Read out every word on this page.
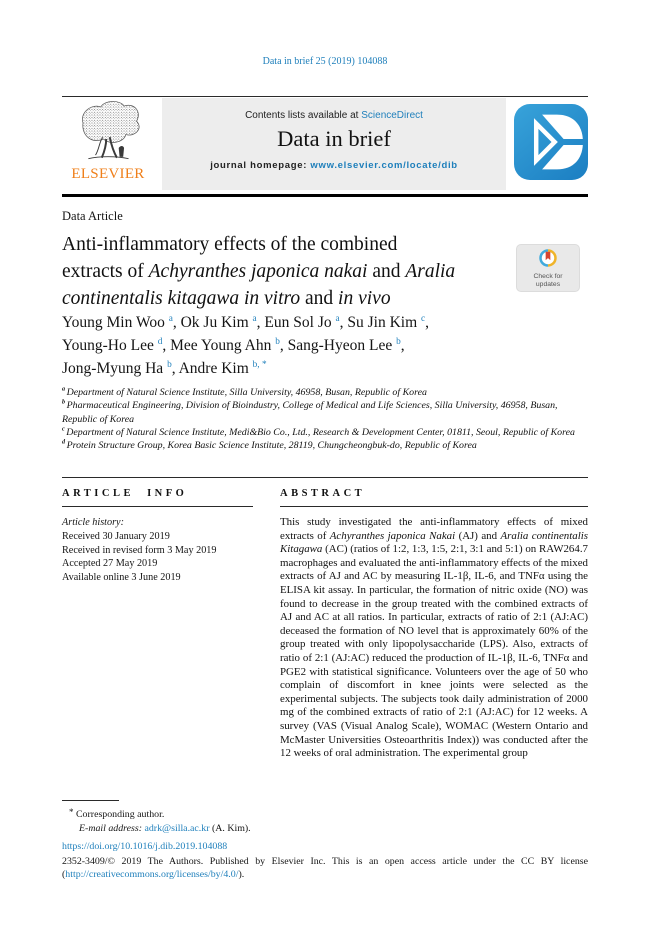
Data in brief 25 (2019) 104088
ELSEVIER
Contents lists available at ScienceDirect
Data in brief
journal homepage: www.elsevier.com/locate/dib
Data Article
Anti-inflammatory effects of the combined
extracts of Achyranthes japonica nakai and Aralia
continentalis kitagawa in vitro and in vivo
Check for
updates
Young Min Woo $^a$, Ok Ju Kim $^a$, Eun Sol Jo $^a$, Su Jin Kim $^c$,
Young-Ho Lee $^d$, Mee Young Ahn $^b$, Sang-Hyeon Lee $^b$,
Jong-Myung Ha $^b$, Andre Kim $^{b, *}$
$^a$ Department of Natural Science Institute, Silla University, 46958, Busan, Republic of Korea
$^b$ Pharmaceutical Engineering, Division of Bioindustry, College of Medical and Life Sciences, Silla University, 46958, Busan, Republic of Korea
$^c$ Department of Natural Science Institute, Medi&Bio Co., Ltd., Research & Development Center, 01811, Seoul, Republic of Korea
$^d$ Protein Structure Group, Korea Basic Science Institute, 28119, Chungcheongbuk-do, Republic of Korea
ARTICLE INFO
Article history:
Received 30 January 2019
Received in revised form 3 May 2019
Accepted 27 May 2019
Available online 3 June 2019
ABSTRACT
This study investigated the anti-inflammatory effects of mixed extracts of Achyranthes japonica Nakai (AJ) and Aralia continentalis Kitagawa (AC) (ratios of 1:2, 1:3, 1:5, 2:1, 3:1 and 5:1) on RAW264.7 macrophages and evaluated the anti-inflammatory effects of the mixed extracts of AJ and AC by measuring IL-1β, IL-6, and TNFα using the ELISA kit assay. In particular, the formation of nitric oxide (NO) was found to decrease in the group treated with the combined extracts of AJ and AC at all ratios. In particular, extracts of ratio of 2:1 (AJ:AC) deceased the formation of NO level that is approximately 60% of the group treated with only lipopolysaccharide (LPS). Also, extracts of ratio of 2:1 (AJ:AC) reduced the production of IL-1β, IL-6, TNFα and PGE2 with statistical significance. Volunteers over the age of 50 who complain of discomfort in knee joints were selected as the experimental subjects. The subjects took daily administration of 2000 mg of the combined extracts of ratio of 2:1 (AJ:AC) for 12 weeks. A survey (VAS (Visual Analog Scale), WOMAC (Western Ontario and McMaster Universities Osteoarthritis Index)) was conducted after the 12 weeks of oral administration. The experimental group
* Corresponding author.
E-mail address: adrk@silla.ac.kr (A. Kim).
https://doi.org/10.1016/j.dib.2019.104088
2352-3409/© 2019 The Authors. Published by Elsevier Inc. This is an open access article under the CC BY license (http://creativecommons.org/licenses/by/4.0/).
